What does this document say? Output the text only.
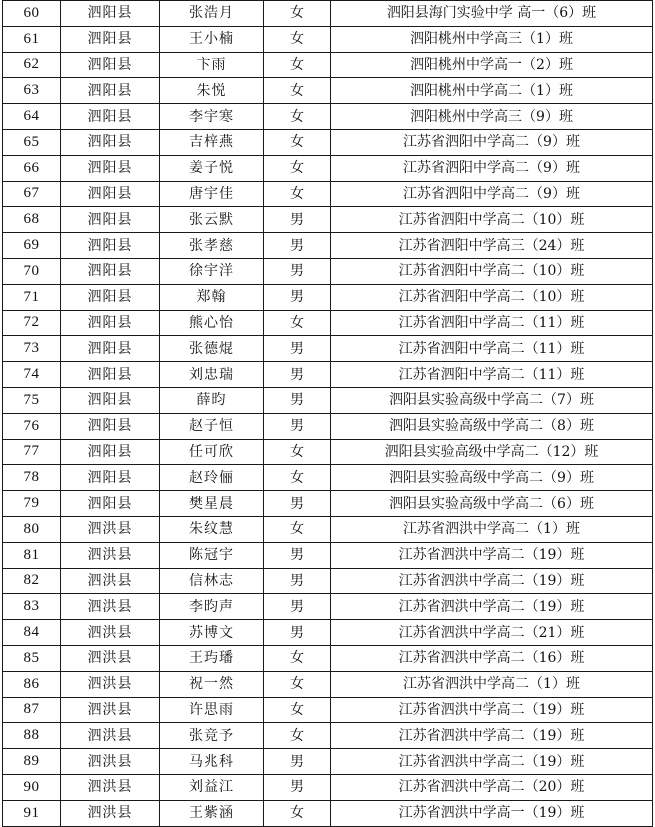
60	泗阳县	张浩月	女	泗阳县海门实验中学 高一（6）班
61	泗阳县	王小楠	女	泗阳桃州中学高三（1）班
62	泗阳县	卞雨	女	泗阳桃州中学高一（2）班
63	泗阳县	朱悦	女	泗阳桃州中学高二（1）班
64	泗阳县	李宇寒	女	泗阳桃州中学高三（9）班
65	泗阳县	吉梓燕	女	江苏省泗阳中学高二（9）班
66	泗阳县	姜子悦	女	江苏省泗阳中学高二（9）班
67	泗阳县	唐宇佳	女	江苏省泗阳中学高二（9）班
68	泗阳县	张云默	男	江苏省泗阳中学高二（10）班
69	泗阳县	张孝慈	男	江苏省泗阳中学高三（24）班
70	泗阳县	徐宇洋	男	江苏省泗阳中学高二（10）班
71	泗阳县	郑翰	男	江苏省泗阳中学高二（10）班
72	泗阳县	熊心怡	女	江苏省泗阳中学高二（11）班
73	泗阳县	张德焜	男	江苏省泗阳中学高二（11）班
74	泗阳县	刘忠瑞	男	江苏省泗阳中学高二（11）班
75	泗阳县	薛昀	男	泗阳县实验高级中学高二（7）班
76	泗阳县	赵子恒	男	泗阳县实验高级中学高二（8）班
77	泗阳县	任可欣	女	泗阳县实验高级中学高二（12）班
78	泗阳县	赵玲俪	女	泗阳县实验高级中学高二（9）班
79	泗阳县	樊星晨	男	泗阳县实验高级中学高二（6）班
80	泗洪县	朱纹慧	女	江苏省泗洪中学高二（1）班
81	泗洪县	陈冠宇	男	江苏省泗洪中学高二（19）班
82	泗洪县	信林志	男	江苏省泗洪中学高二（19）班
83	泗洪县	李昀声	男	江苏省泗洪中学高二（19）班
84	泗洪县	苏博文	男	江苏省泗洪中学高二（21）班
85	泗洪县	王玙璠	女	江苏省泗洪中学高二（16）班
86	泗洪县	祝一然	女	江苏省泗洪中学高二（1）班
87	泗洪县	许思雨	女	江苏省泗洪中学高二（19）班
88	泗洪县	张竞予	女	江苏省泗洪中学高二（19）班
89	泗洪县	马兆科	男	江苏省泗洪中学高二（19）班
90	泗洪县	刘益江	男	江苏省泗洪中学高二（20）班
91	泗洪县	王紫涵	女	江苏省泗洪中学高一（19）班
